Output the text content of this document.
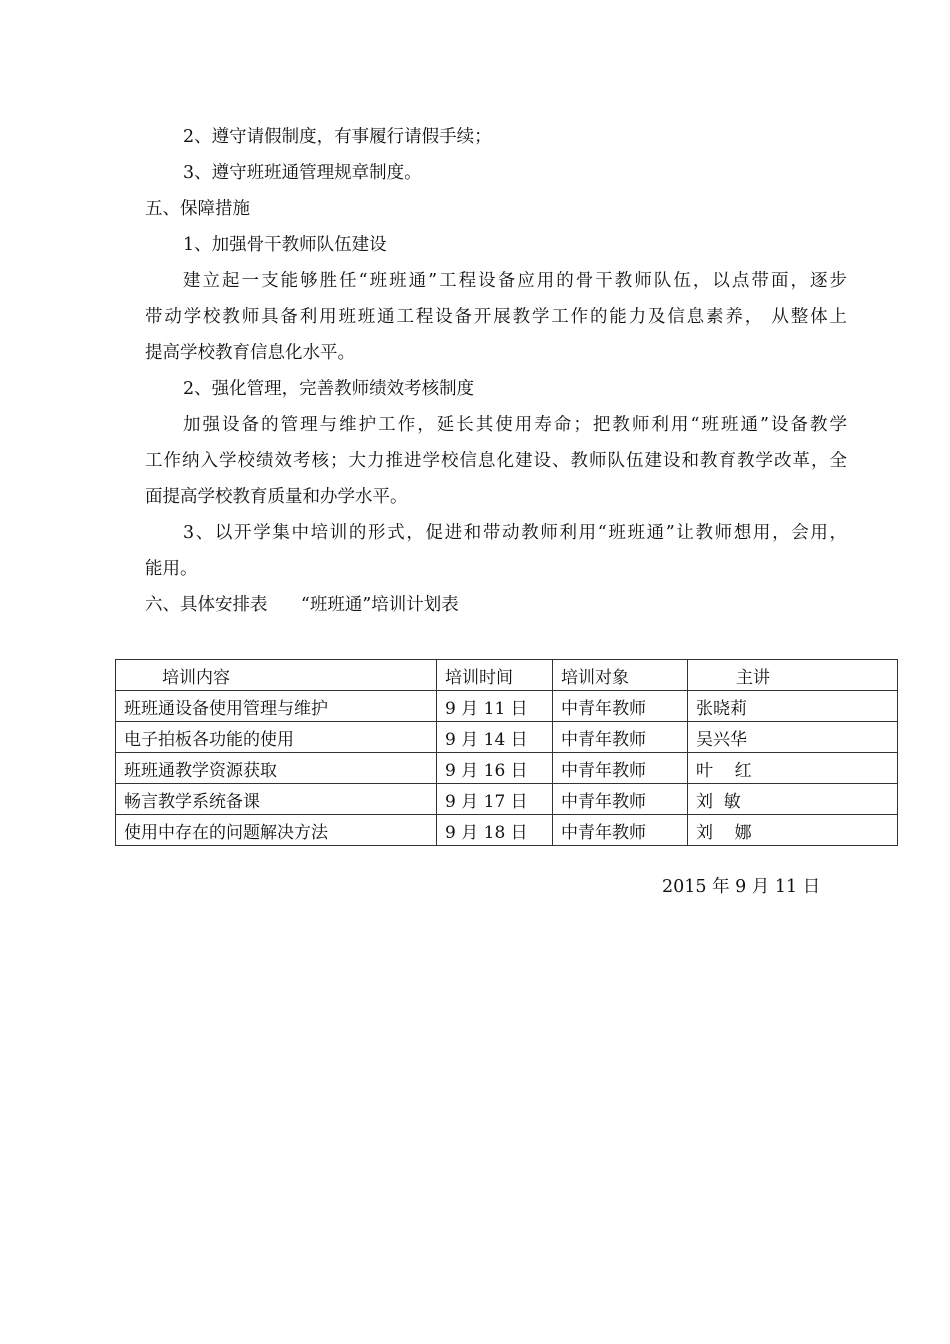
2、遵守请假制度，有事履行请假手续；
3、遵守班班通管理规章制度。
五、保障措施
1、加强骨干教师队伍建设
建立起一支能够胜任“班班通”工程设备应用的骨干教师队伍，以点带面，逐步
带动学校教师具备利用班班通工程设备开展教学工作的能力及信息素养， 从整体上
提高学校教育信息化水平。
2、强化管理，完善教师绩效考核制度
加强设备的管理与维护工作，延长其使用寿命；把教师利用“班班通”设备教学
工作纳入学校绩效考核；大力推进学校信息化建设、教师队伍建设和教育教学改革，全
面提高学校教育质量和办学水平。
3、以开学集中培训的形式，促进和带动教师利用“班班通”让教师想用，会用，
能用。
六、具体安排表      “班班通”培训计划表
培训内容	培训时间	培训对象	主讲
班班通设备使用管理与维护	9 月 11 日	中青年教师	张晓莉
电子拍板各功能的使用	9 月 14 日	中青年教师	吴兴华
班班通教学资源获取	9 月 16 日	中青年教师	叶    红
畅言教学系统备课	9 月 17 日	中青年教师	刘  敏
使用中存在的问题解决方法	9 月 18 日	中青年教师	刘    娜
2015 年 9 月 11 日
